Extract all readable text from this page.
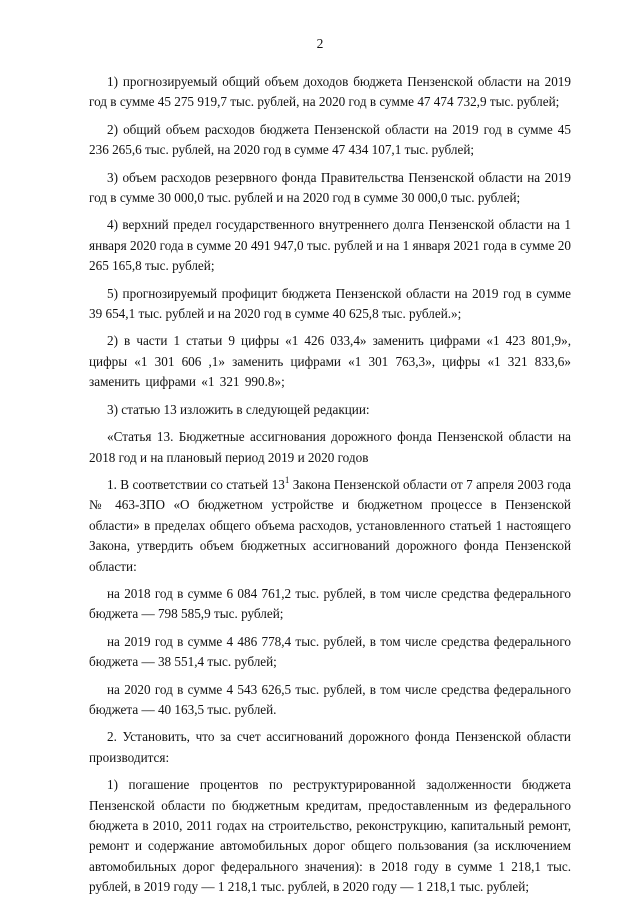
2

1) прогнозируемый общий объем доходов бюджета Пензенской области на 2019 год в сумме 45 275 919,7 тыс. рублей, на 2020 год в сумме 47 474 732,9 тыс. рублей;

2) общий объем расходов бюджета Пензенской области на 2019 год в сумме 45 236 265,6 тыс. рублей, на 2020 год в сумме 47 434 107,1 тыс. рублей;

3) объем расходов резервного фонда Правительства Пензенской области на 2019 год в сумме 30 000,0 тыс. рублей и на 2020 год в сумме 30 000,0 тыс. рублей;

4) верхний предел государственного внутреннего долга Пензенской области на 1 января 2020 года в сумме 20 491 947,0 тыс. рублей и на 1 января 2021 года в сумме 20 265 165,8 тыс. рублей;

5) прогнозируемый профицит бюджета Пензенской области на 2019 год в сумме 39 654,1 тыс. рублей и на 2020 год в сумме 40 625,8 тыс. рублей.»;

2) в части 1 статьи 9 цифры «1 426 033,4» заменить цифрами «1 423 801,9», цифры «1 301 606 ,1» заменить цифрами «1 301 763,3», цифры «1 321 833,6» заменить цифрами «1 321 990.8»;

3) статью 13 изложить в следующей редакции:

«Статья 13. Бюджетные ассигнования дорожного фонда Пензенской области на 2018 год и на плановый период 2019 и 2020 годов

1. В соответствии со статьей $13^1$ Закона Пензенской области от 7 апреля 2003 года № 463-ЗПО «О бюджетном устройстве и бюджетном процессе в Пензенской области» в пределах общего объема расходов, установленного статьей 1 настоящего Закона, утвердить объем бюджетных ассигнований дорожного фонда Пензенской области:

на 2018 год в сумме 6 084 761,2 тыс. рублей, в том числе средства федерального бюджета — 798 585,9 тыс. рублей;

на 2019 год в сумме 4 486 778,4 тыс. рублей, в том числе средства федерального бюджета — 38 551,4 тыс. рублей;

на 2020 год в сумме 4 543 626,5 тыс. рублей, в том числе средства федерального бюджета — 40 163,5 тыс. рублей.

2. Установить, что за счет ассигнований дорожного фонда Пензенской области производится:

1) погашение процентов по реструктурированной задолженности бюджета Пензенской области по бюджетным кредитам, предоставленным из федерального бюджета в 2010, 2011 годах на строительство, реконструкцию, капитальный ремонт, ремонт и содержание автомобильных дорог общего пользования (за исключением автомобильных дорог федерального значения): в 2018 году в сумме 1 218,1 тыс. рублей, в 2019 году — 1 218,1 тыс. рублей, в 2020 году — 1 218,1 тыс. рублей;
